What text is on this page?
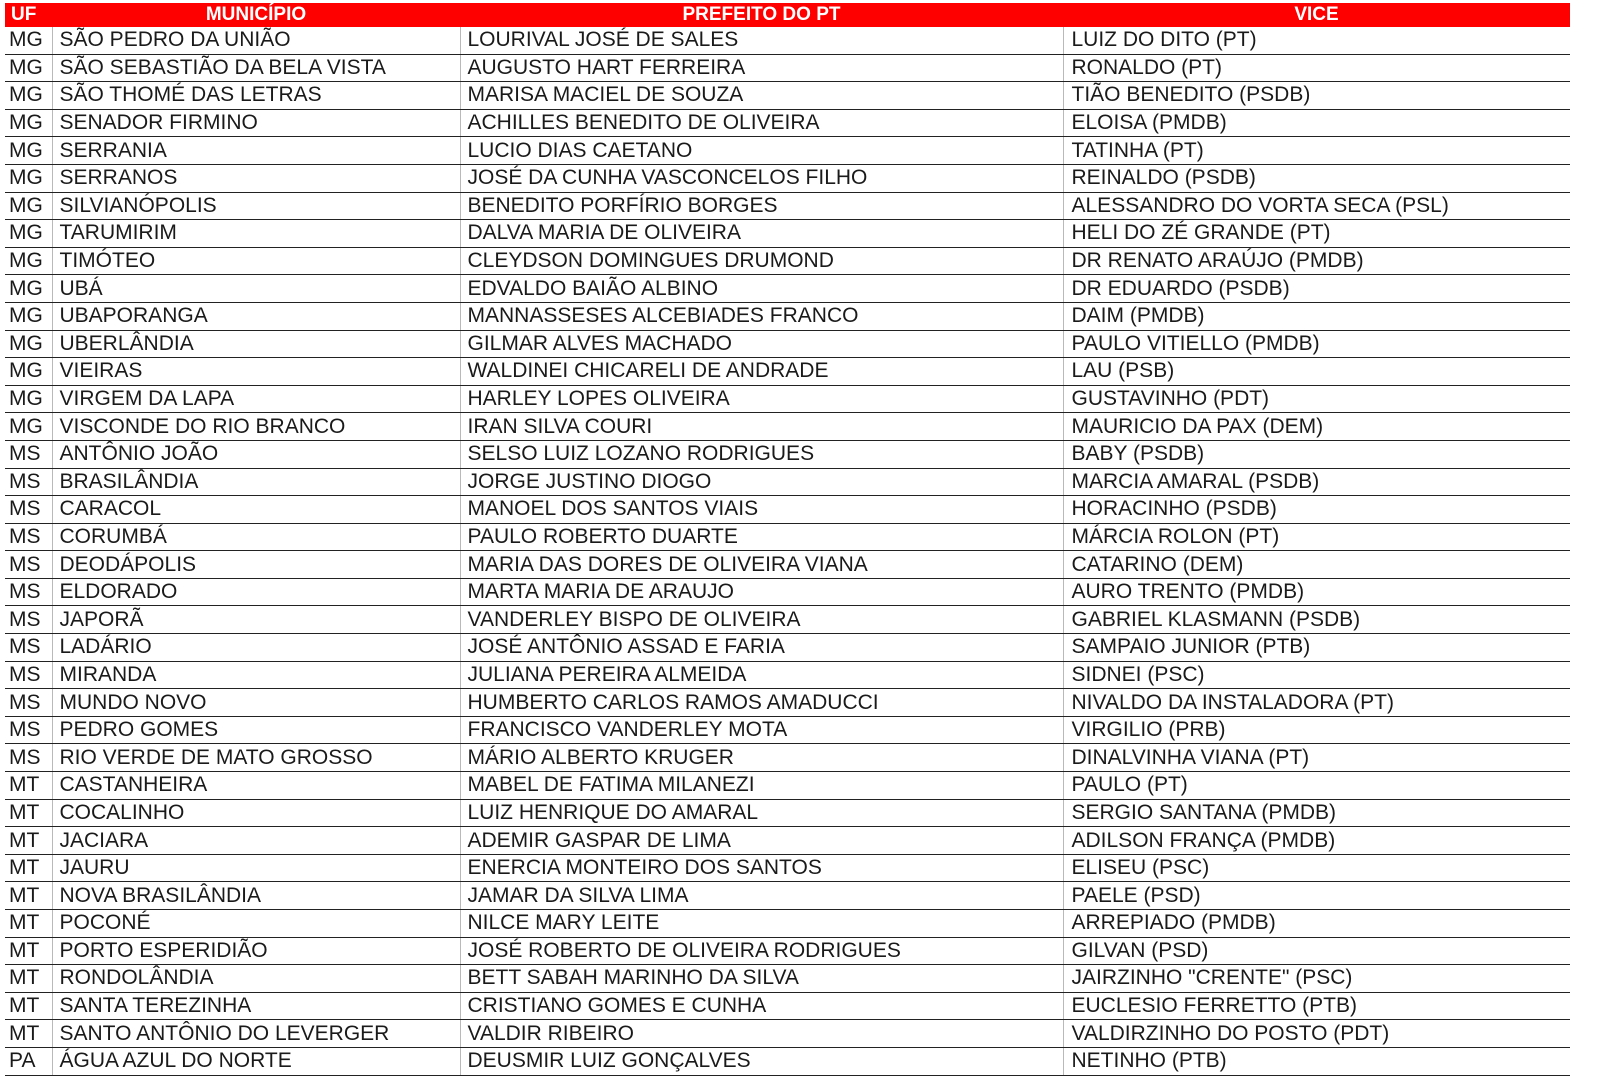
UF	MUNICÍPIO	PREFEITO DO PT	VICE
MG	SÃO PEDRO DA UNIÃO	LOURIVAL JOSÉ DE SALES	LUIZ DO DITO (PT)
MG	SÃO SEBASTIÃO DA BELA VISTA	AUGUSTO HART FERREIRA	RONALDO (PT)
MG	SÃO THOMÉ DAS LETRAS	MARISA MACIEL DE SOUZA	TIÃO BENEDITO (PSDB)
MG	SENADOR FIRMINO	ACHILLES BENEDITO DE OLIVEIRA	ELOISA (PMDB)
MG	SERRANIA	LUCIO DIAS CAETANO	TATINHA (PT)
MG	SERRANOS	JOSÉ DA CUNHA VASCONCELOS FILHO	REINALDO (PSDB)
MG	SILVIANÓPOLIS	BENEDITO PORFÍRIO BORGES	ALESSANDRO DO VORTA SECA (PSL)
MG	TARUMIRIM	DALVA MARIA DE OLIVEIRA	HELI DO ZÉ GRANDE (PT)
MG	TIMÓTEO	CLEYDSON DOMINGUES DRUMOND	DR RENATO ARAÚJO (PMDB)
MG	UBÁ	EDVALDO BAIÃO ALBINO	DR EDUARDO (PSDB)
MG	UBAPORANGA	MANNASSESES ALCEBIADES FRANCO	DAIM (PMDB)
MG	UBERLÂNDIA	GILMAR ALVES MACHADO	PAULO VITIELLO (PMDB)
MG	VIEIRAS	WALDINEI CHICARELI DE ANDRADE	LAU (PSB)
MG	VIRGEM DA LAPA	HARLEY LOPES OLIVEIRA	GUSTAVINHO (PDT)
MG	VISCONDE DO RIO BRANCO	IRAN SILVA COURI	MAURICIO DA PAX (DEM)
MS	ANTÔNIO JOÃO	SELSO LUIZ LOZANO RODRIGUES	BABY (PSDB)
MS	BRASILÂNDIA	JORGE JUSTINO DIOGO	MARCIA AMARAL (PSDB)
MS	CARACOL	MANOEL DOS SANTOS VIAIS	HORACINHO (PSDB)
MS	CORUMBÁ	PAULO ROBERTO DUARTE	MÁRCIA ROLON (PT)
MS	DEODÁPOLIS	MARIA DAS DORES DE OLIVEIRA VIANA	CATARINO (DEM)
MS	ELDORADO	MARTA MARIA DE ARAUJO	AURO TRENTO (PMDB)
MS	JAPORÃ	VANDERLEY BISPO DE OLIVEIRA	GABRIEL KLASMANN (PSDB)
MS	LADÁRIO	JOSÉ ANTÔNIO ASSAD E FARIA	SAMPAIO JUNIOR (PTB)
MS	MIRANDA	JULIANA PEREIRA ALMEIDA	SIDNEI (PSC)
MS	MUNDO NOVO	HUMBERTO CARLOS RAMOS AMADUCCI	NIVALDO DA INSTALADORA (PT)
MS	PEDRO GOMES	FRANCISCO VANDERLEY MOTA	VIRGILIO (PRB)
MS	RIO VERDE DE MATO GROSSO	MÁRIO ALBERTO KRUGER	DINALVINHA VIANA (PT)
MT	CASTANHEIRA	MABEL DE FATIMA MILANEZI	PAULO (PT)
MT	COCALINHO	LUIZ HENRIQUE DO AMARAL	SERGIO SANTANA (PMDB)
MT	JACIARA	ADEMIR GASPAR DE LIMA	ADILSON FRANÇA (PMDB)
MT	JAURU	ENERCIA MONTEIRO DOS SANTOS	ELISEU (PSC)
MT	NOVA BRASILÂNDIA	JAMAR DA SILVA LIMA	PAELE (PSD)
MT	POCONÉ	NILCE MARY LEITE	ARREPIADO (PMDB)
MT	PORTO ESPERIDIÃO	JOSÉ ROBERTO DE OLIVEIRA RODRIGUES	GILVAN (PSD)
MT	RONDOLÂNDIA	BETT SABAH MARINHO DA SILVA	JAIRZINHO "CRENTE" (PSC)
MT	SANTA TEREZINHA	CRISTIANO GOMES E CUNHA	EUCLESIO FERRETTO (PTB)
MT	SANTO ANTÔNIO DO LEVERGER	VALDIR RIBEIRO	VALDIRZINHO DO POSTO (PDT)
PA	ÁGUA AZUL DO NORTE	DEUSMIR LUIZ GONÇALVES	NETINHO (PTB)
